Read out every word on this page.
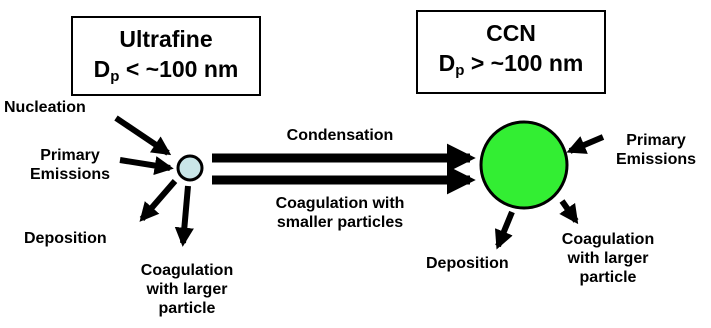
Ultrafine
$D_p$ < ~100 nm
CCN
$D_p$ > ~100 nm
Nucleation
Primary
Emissions
Deposition
Coagulation
with larger
particle
Condensation
Coagulation with
smaller particles
Primary
Emissions
Deposition
Coagulation
with larger
particle
